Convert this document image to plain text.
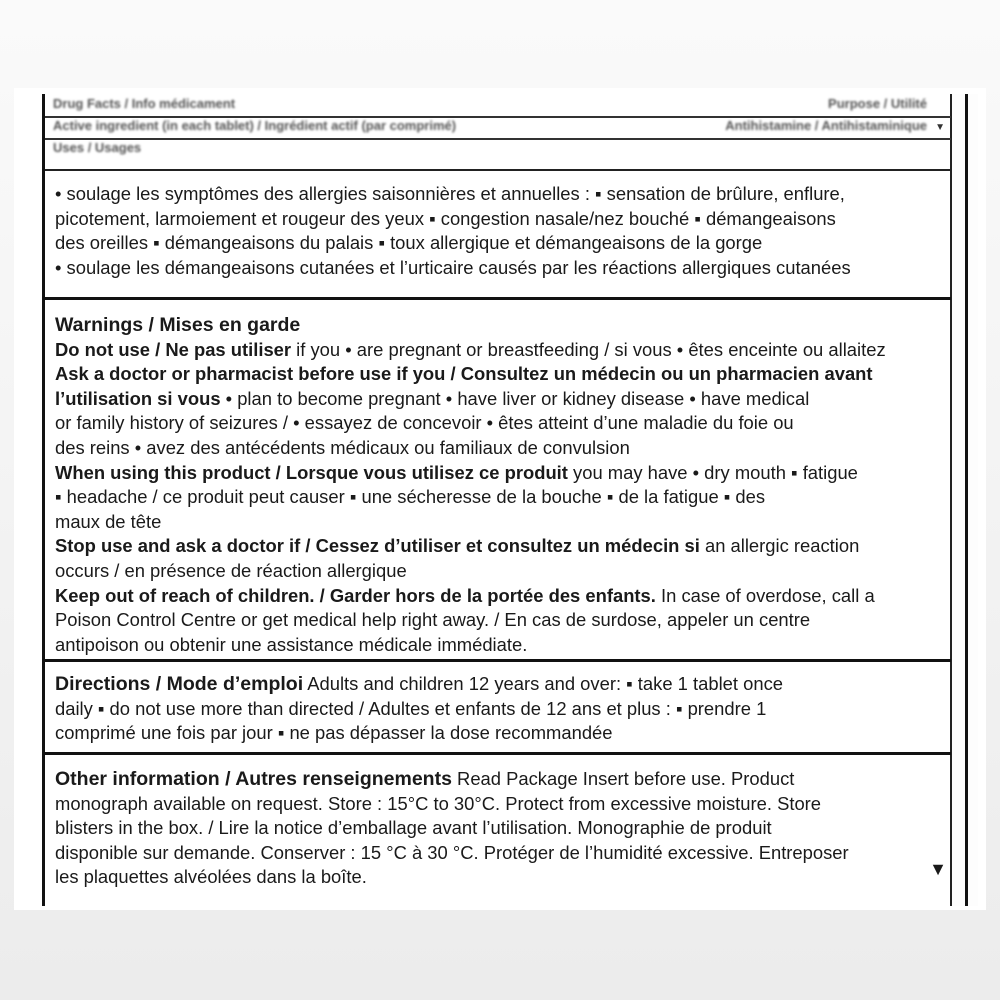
Drug Facts / Info médicament	Purpose / Utilité
Active ingredient (in each tablet) / Ingrédient actif (par comprimé)	Antihistamine / Antihistaminique
Uses / Usages
▼

• soulage les symptômes des allergies saisonnières et annuelles : ▪ sensation de brûlure, enflure,

picotement, larmoiement et rougeur des yeux ▪ congestion nasale/nez bouché ▪ démangeaisons

des oreilles ▪ démangeaisons du palais ▪ toux allergique et démangeaisons de la gorge

• soulage les démangeaisons cutanées et l’urticaire causés par les réactions allergiques cutanées

Warnings / Mises en garde

Do not use / Ne pas utiliser if you • are pregnant or breastfeeding / si vous • êtes enceinte ou allaitez

Ask a doctor or pharmacist before use if you / Consultez un médecin ou un pharmacien avant

l’utilisation si vous • plan to become pregnant • have liver or kidney disease • have medical

or family history of seizures / • essayez de concevoir • êtes atteint d’une maladie du foie ou

des reins • avez des antécédents médicaux ou familiaux de convulsion

When using this product / Lorsque vous utilisez ce produit you may have • dry mouth ▪ fatigue

▪ headache / ce produit peut causer ▪ une sécheresse de la bouche ▪ de la fatigue ▪ des

maux de tête

Stop use and ask a doctor if / Cessez d’utiliser et consultez un médecin si an allergic reaction

occurs / en présence de réaction allergique

Keep out of reach of children. / Garder hors de la portée des enfants. In case of overdose, call a

Poison Control Centre or get medical help right away. / En cas de surdose, appeler un centre

antipoison ou obtenir une assistance médicale immédiate.

Directions / Mode d’emploi Adults and children 12 years and over: ▪ take 1 tablet once

daily ▪ do not use more than directed / Adultes et enfants de 12 ans et plus : ▪ prendre 1

comprimé une fois par jour ▪ ne pas dépasser la dose recommandée

Other information / Autres renseignements Read Package Insert before use. Product

monograph available on request. Store : 15°C to 30°C. Protect from excessive moisture. Store

blisters in the box. / Lire la notice d’emballage avant l’utilisation. Monographie de produit

disponible sur demande. Conserver : 15 °C à 30 °C. Protéger de l’humidité excessive. Entreposer

les plaquettes alvéolées dans la boîte.	▼
